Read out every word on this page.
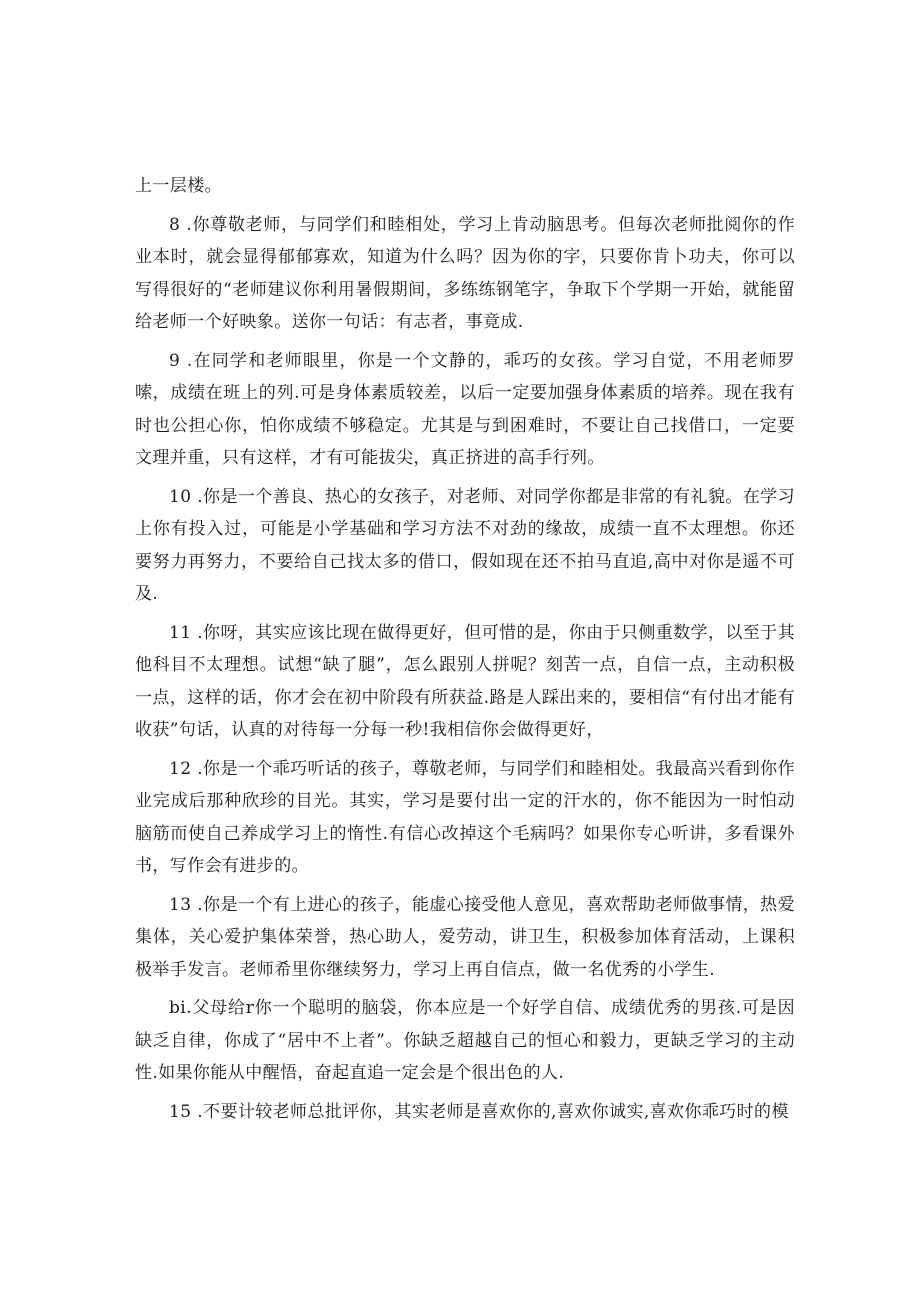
上一层楼。

8 .你尊敬老师，与同学们和睦相处，学习上肯动脑思考。但每次老师批阅你的作业本时，就会显得郁郁寡欢，知道为什么吗？因为你的字，只要你肯卜功夫，你可以写得很好的“老师建议你利用暑假期间，多练练钢笔字，争取下个学期一开始，就能留给老师一个好映象。送你一句话：有志者，事竟成.

9 .在同学和老师眼里，你是一个文静的，乖巧的女孩。学习自觉，不用老师罗嗦，成绩在班上的列.可是身体素质较差，以后一定要加强身体素质的培养。现在我有时也公担心你，怕你成绩不够稳定。尤其是与到困难时，不要让自己找借口，一定要文理并重，只有这样，才有可能拔尖，真正挤进的高手行列。

10 .你是一个善良、热心的女孩子，对老师、对同学你都是非常的有礼貌。在学习上你有投入过，可能是小学基础和学习方法不对劲的缘故，成绩一直不太理想。你还要努力再努力，不要给自己找太多的借口，假如现在还不拍马直追,高中对你是遥不可及.

11 .你呀，其实应该比现在做得更好，但可惜的是，你由于只侧重数学，以至于其他科目不太理想。试想“缺了腿”，怎么跟别人拼呢？刻苦一点，自信一点，主动积极一点，这样的话，你才会在初中阶段有所获益.路是人踩出来的，要相信“有付出才能有收获”句话，认真的对待每一分每一秒!我相信你会做得更好，

12 .你是一个乖巧听话的孩子，尊敬老师，与同学们和睦相处。我最高兴看到你作业完成后那种欣珍的目光。其实，学习是要付出一定的汗水的，你不能因为一时怕动脑筋而使自己养成学习上的惰性.有信心改掉这个毛病吗？如果你专心听讲，多看课外书，写作会有进步的。

13 .你是一个有上进心的孩子，能虚心接受他人意见，喜欢帮助老师做事情，热爱集体，关心爱护集体荣誉，热心助人，爱劳动，讲卫生，积极参加体育活动，上课积极举手发言。老师希里你继续努力，学习上再自信点，做一名优秀的小学生.

bi.父母给r你一个聪明的脑袋，你本应是一个好学自信、成绩优秀的男孩.可是因缺乏自律，你成了“居中不上者”。你缺乏超越自己的恒心和毅力，更缺乏学习的主动性.如果你能从中醒悟，奋起直追一定会是个很出色的人.

15 .不要计较老师总批评你，其实老师是喜欢你的,喜欢你诚实,喜欢你乖巧时的模
